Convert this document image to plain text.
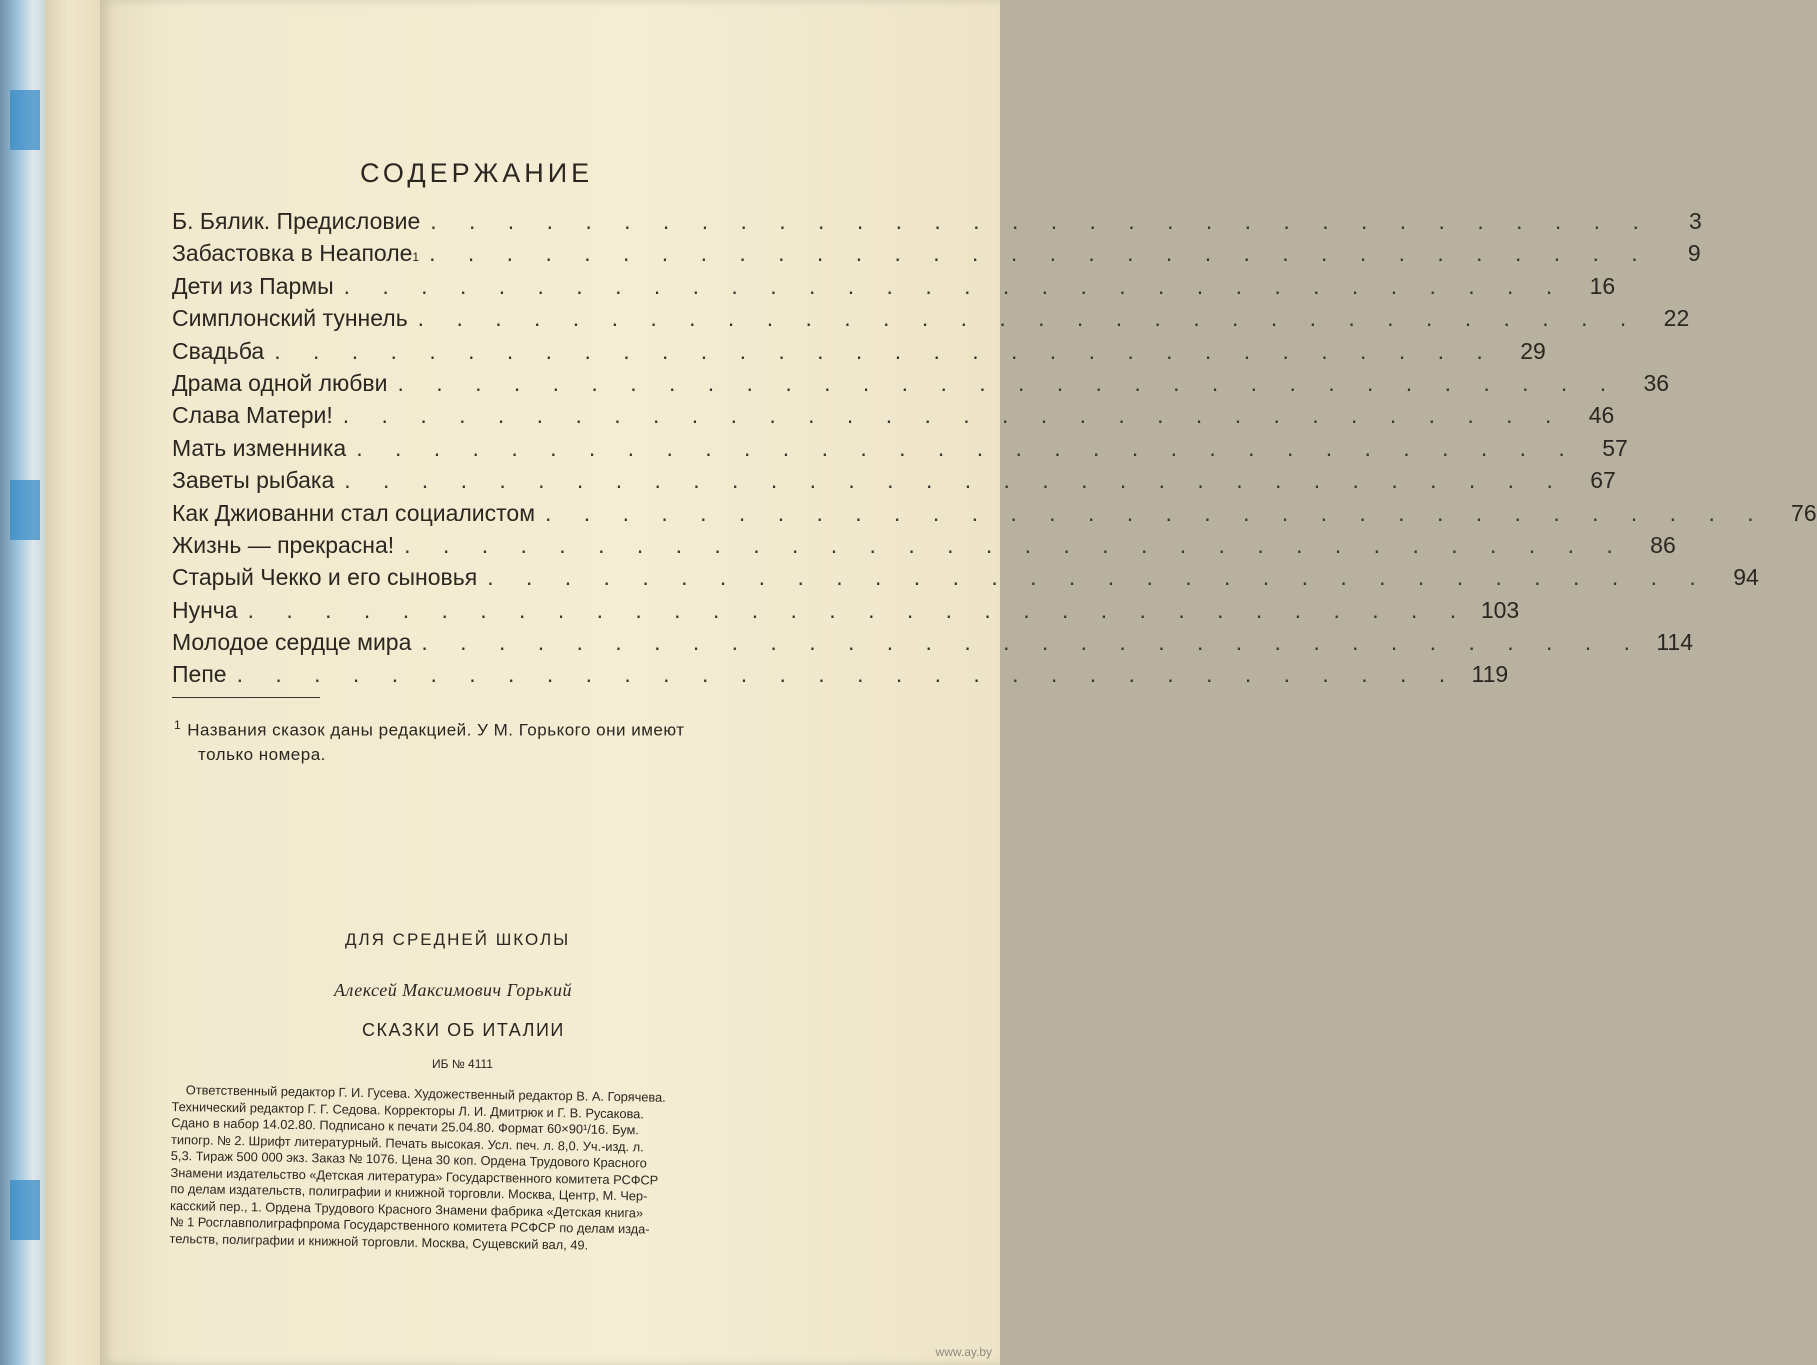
СОДЕРЖАНИЕ
Б. Бялик. Предисловие . . . . . . . . . . . . . . . . . . . . . . . . . . . . . . . .	3
Забастовка в Неаполе 1 . . . . . . . . . . . . . . . . . . . . . . . . . . . . . . . .	9
Дети из Пармы . . . . . . . . . . . . . . . . . . . . . . . . . . . . . . . .	16
Симплонский туннель . . . . . . . . . . . . . . . . . . . . . . . . . . . . . . . .	22
Свадьба . . . . . . . . . . . . . . . . . . . . . . . . . . . . . . . .	29
Драма одной любви . . . . . . . . . . . . . . . . . . . . . . . . . . . . . . . .	36
Слава Матери! . . . . . . . . . . . . . . . . . . . . . . . . . . . . . . . .	46
Мать изменника . . . . . . . . . . . . . . . . . . . . . . . . . . . . . . . .	57
Заветы рыбака . . . . . . . . . . . . . . . . . . . . . . . . . . . . . . . .	67
Как Джиованни стал социалистом . . . . . . . . . . . . . . . . . . . . . . . . . . . . . . . .	76
Жизнь — прекрасна! . . . . . . . . . . . . . . . . . . . . . . . . . . . . . . . .	86
Старый Чекко и его сыновья . . . . . . . . . . . . . . . . . . . . . . . . . . . . . . . .	94
Нунча . . . . . . . . . . . . . . . . . . . . . . . . . . . . . . . . 103
Молодое сердце мира . . . . . . . . . . . . . . . . . . . . . . . . . . . . . . . . 114
Пепе . . . . . . . . . . . . . . . . . . . . . . . . . . . . . . . . 119
$^1$ Названия сказок даны редакцией. У М. Горького они имеют
только номера.
ДЛЯ СРЕДНЕЙ ШКОЛЫ
Алексей Максимович Горький
СКАЗКИ ОБ ИТАЛИИ
ИБ № 4111
Ответственный редактор Г. И. Гусева. Художественный редактор В. А. Горячева.
Технический редактор Г. Г. Седова. Корректоры Л. И. Дмитрюк и Г. В. Русакова.
Сдано в набор 14.02.80. Подписано к печати 25.04.80. Формат 60×90¹/16. Бум.
типогр. № 2. Шрифт литературный. Печать высокая. Усл. печ. л. 8,0. Уч.-изд. л.
5,3. Тираж 500 000 экз. Заказ № 1076. Цена 30 коп. Ордена Трудового Красного
Знамени издательство «Детская литература» Государственного комитета РСФСР
по делам издательств, полиграфии и книжной торговли. Москва, Центр, М. Чер-
касский пер., 1. Ордена Трудового Красного Знамени фабрика «Детская книга»
№ 1 Росглавполиграфпрома Государственного комитета РСФСР по делам изда-
тельств, полиграфии и книжной торговли. Москва, Сущевский вал, 49.
www.ay.by
